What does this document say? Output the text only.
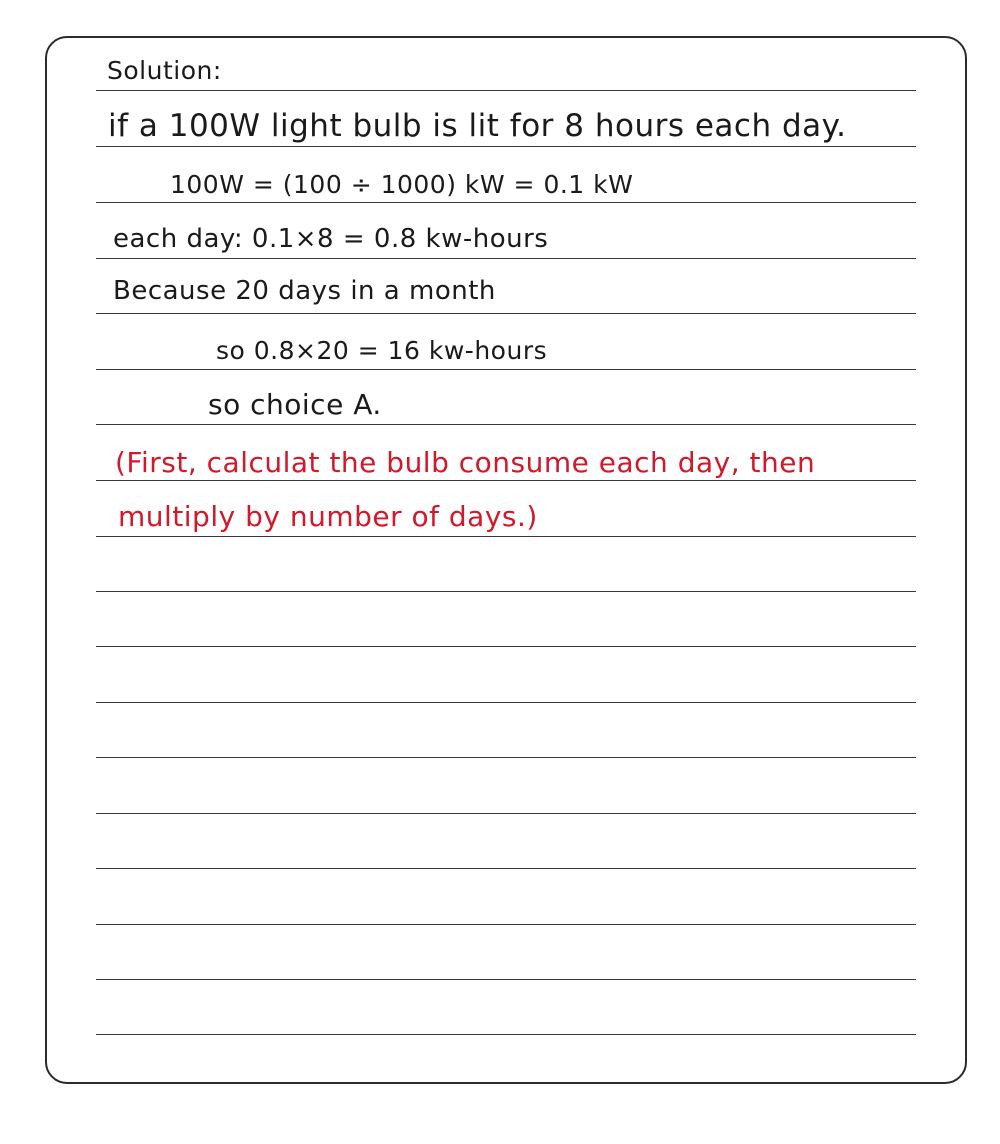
Solution:
if a 100W light bulb is lit for 8 hours each day.
100W = (100 ÷ 1000) kW = 0.1 kW
each day: 0.1×8 = 0.8 kw-hours
Because 20 days in a month
so 0.8×20 = 16 kw-hours
so choice A.
(First, calculat the bulb consume each day, then
multiply by number of days.)
